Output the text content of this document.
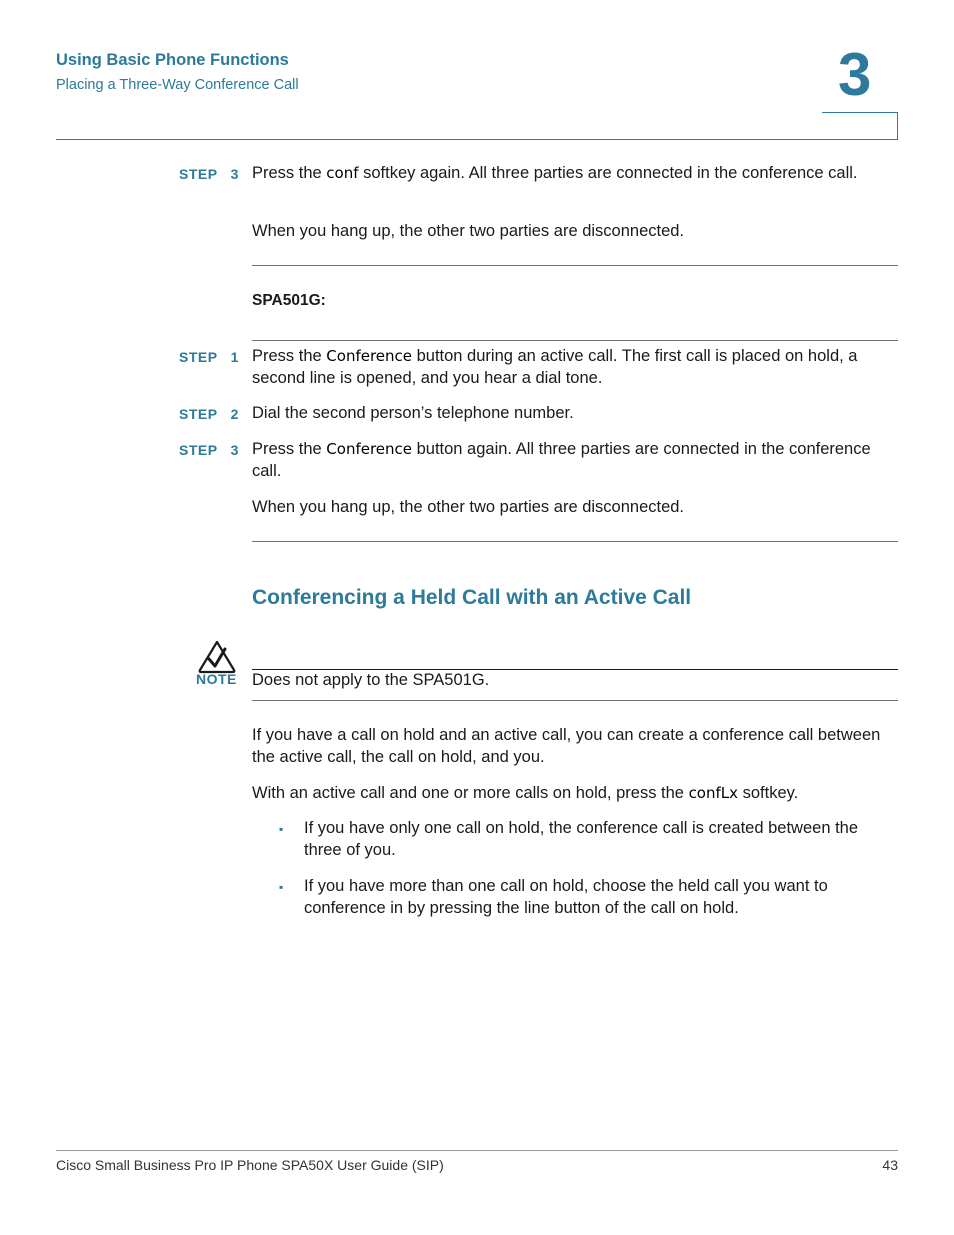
Using Basic Phone Functions
Placing a Three-Way Conference Call	3
STEP 3 Press the conf softkey again. All three parties are connected in the conference call.
When you hang up, the other two parties are disconnected.
SPA501G:
STEP 1 Press the Conference button during an active call. The first call is placed on hold, a second line is opened, and you hear a dial tone.
STEP 2 Dial the second person’s telephone number.
STEP 3 Press the Conference button again. All three parties are connected in the conference call.
When you hang up, the other two parties are disconnected.
Conferencing a Held Call with an Active Call
NOTE Does not apply to the SPA501G.
If you have a call on hold and an active call, you can create a conference call between the active call, the call on hold, and you.
With an active call and one or more calls on hold, press the confLx softkey.
▪ If you have only one call on hold, the conference call is created between the three of you.
▪ If you have more than one call on hold, choose the held call you want to conference in by pressing the line button of the call on hold.
Cisco Small Business Pro IP Phone SPA50X User Guide (SIP)	43
